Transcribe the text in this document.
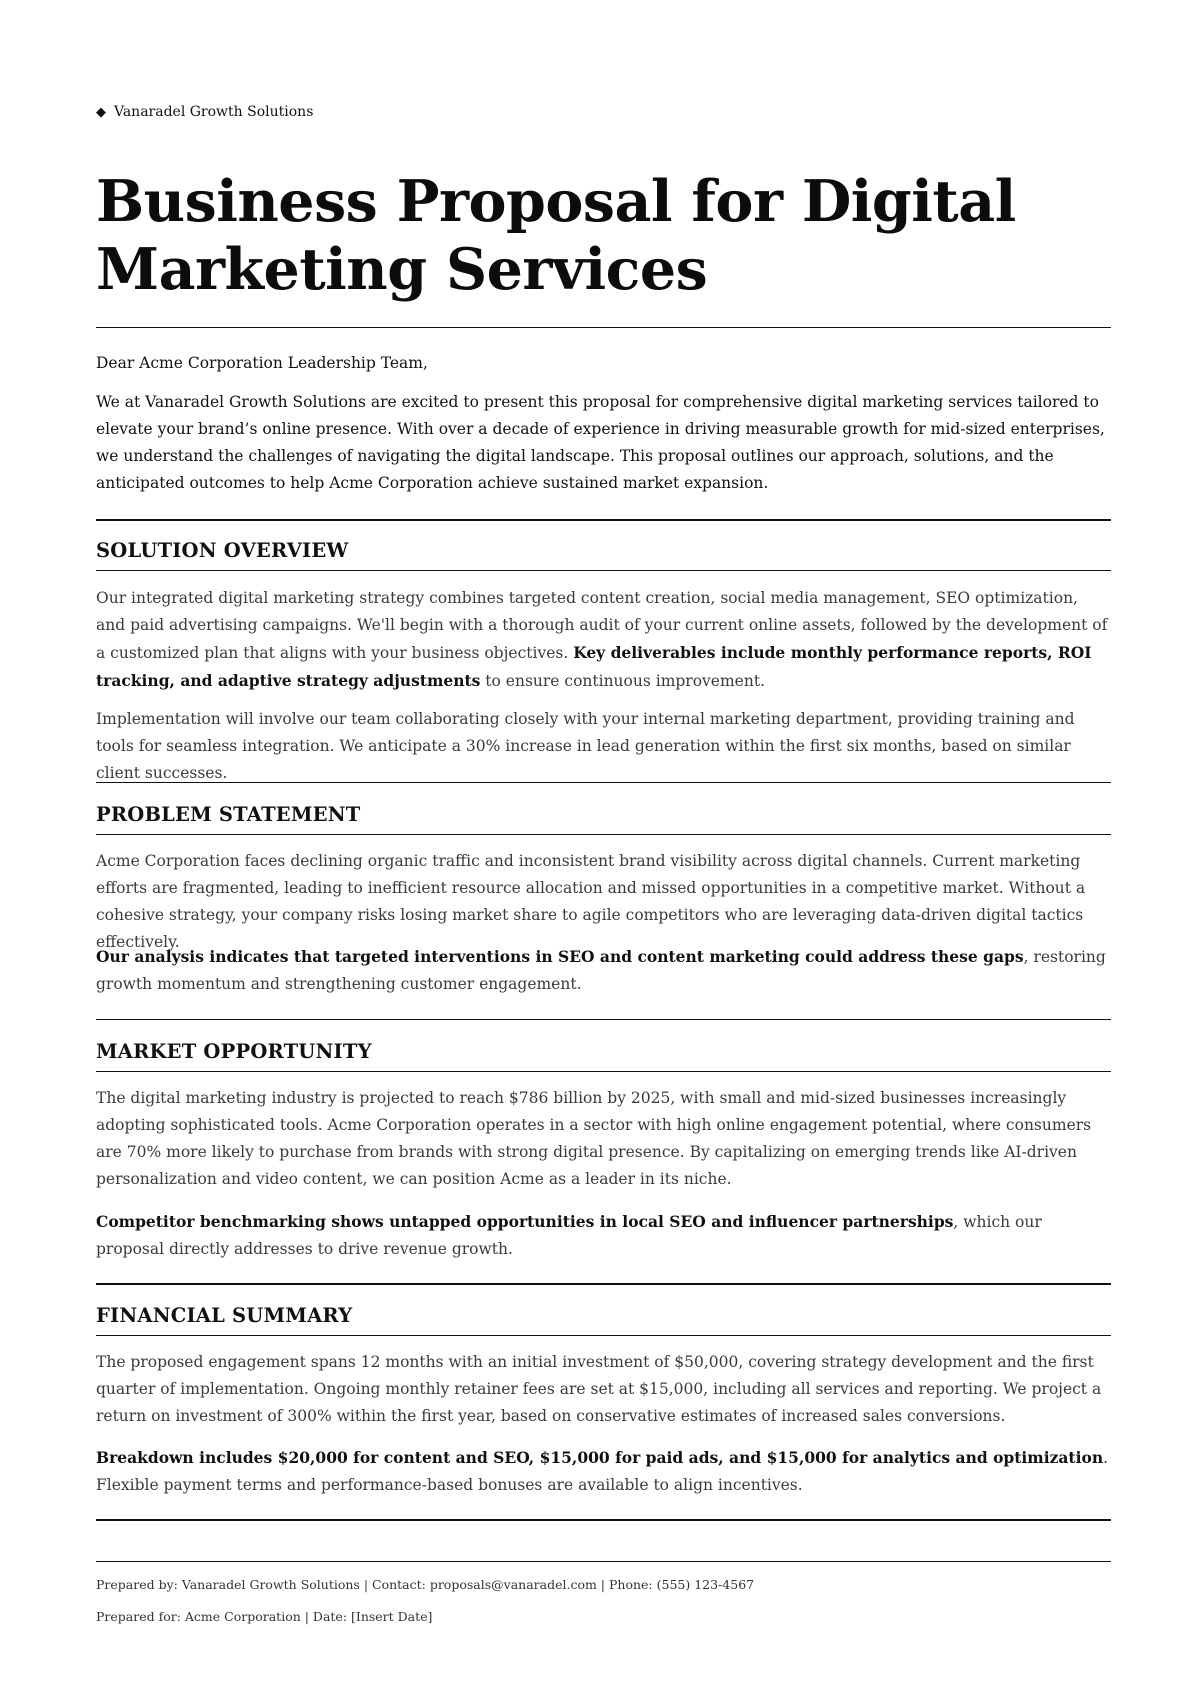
◆ Vanaradel Growth Solutions
Business Proposal for Digital Marketing Services

Dear Acme Corporation Leadership Team,

We at Vanaradel Growth Solutions are excited to present this proposal for comprehensive digital marketing services tailored to elevate your brand’s online presence. With over a decade of experience in driving measurable growth for mid-sized enterprises, we understand the challenges of navigating the digital landscape. This proposal outlines our approach, solutions, and the anticipated outcomes to help Acme Corporation achieve sustained market expansion.

SOLUTION OVERVIEW

Our integrated digital marketing strategy combines targeted content creation, social media management, SEO optimization, and paid advertising campaigns. We'll begin with a thorough audit of your current online assets, followed by the development of a customized plan that aligns with your business objectives. Key deliverables include monthly performance reports, ROI tracking, and adaptive strategy adjustments to ensure continuous improvement.

Implementation will involve our team collaborating closely with your internal marketing department, providing training and tools for seamless integration. We anticipate a 30% increase in lead generation within the first six months, based on similar client successes.

PROBLEM STATEMENT

Acme Corporation faces declining organic traffic and inconsistent brand visibility across digital channels. Current marketing efforts are fragmented, leading to inefficient resource allocation and missed opportunities in a competitive market. Without a cohesive strategy, your company risks losing market share to agile competitors who are leveraging data-driven digital tactics effectively.

Our analysis indicates that targeted interventions in SEO and content marketing could address these gaps, restoring growth momentum and strengthening customer engagement.

MARKET OPPORTUNITY

The digital marketing industry is projected to reach $786 billion by 2025, with small and mid-sized businesses increasingly adopting sophisticated tools. Acme Corporation operates in a sector with high online engagement potential, where consumers are 70% more likely to purchase from brands with strong digital presence. By capitalizing on emerging trends like AI-driven personalization and video content, we can position Acme as a leader in its niche.

Competitor benchmarking shows untapped opportunities in local SEO and influencer partnerships, which our proposal directly addresses to drive revenue growth.

FINANCIAL SUMMARY

The proposed engagement spans 12 months with an initial investment of $50,000, covering strategy development and the first quarter of implementation. Ongoing monthly retainer fees are set at $15,000, including all services and reporting. We project a return on investment of 300% within the first year, based on conservative estimates of increased sales conversions.

Breakdown includes $20,000 for content and SEO, $15,000 for paid ads, and $15,000 for analytics and optimization. Flexible payment terms and performance-based bonuses are available to align incentives.

Prepared by: Vanaradel Growth Solutions | Contact: proposals@vanaradel.com | Phone: (555) 123-4567

Prepared for: Acme Corporation | Date: [Insert Date]
